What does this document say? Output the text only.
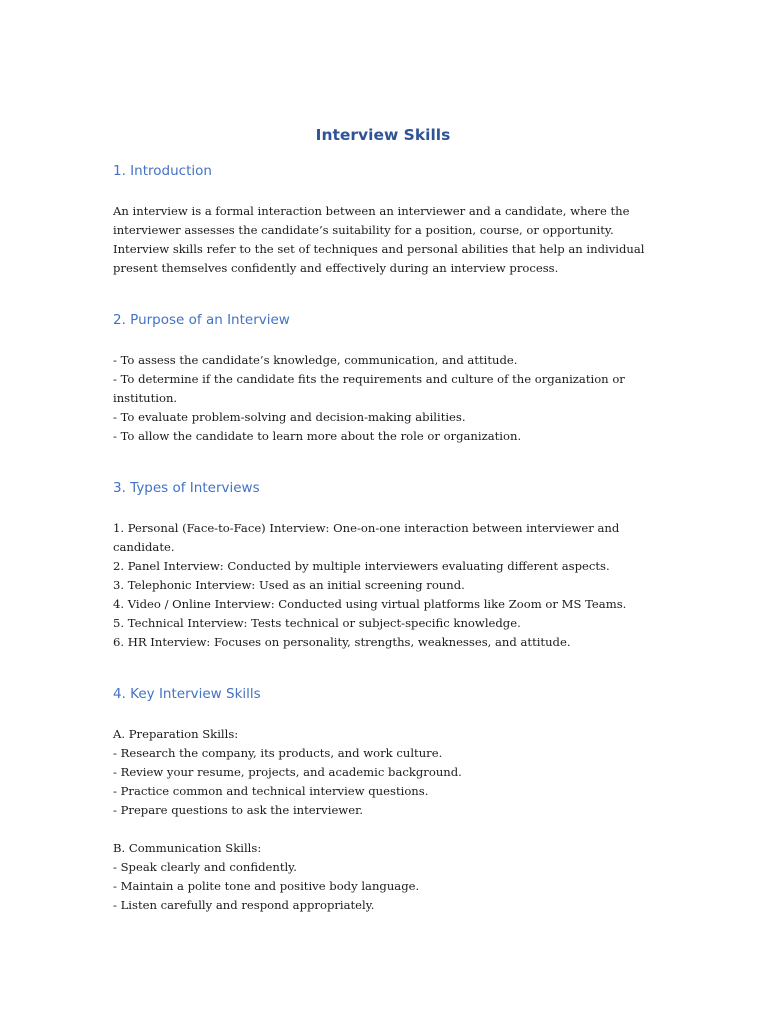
Interview Skills
1. Introduction

An interview is a formal interaction between an interviewer and a candidate, where the interviewer assesses the candidate’s suitability for a position, course, or opportunity. Interview skills refer to the set of techniques and personal abilities that help an individual present themselves confidently and effectively during an interview process.

2. Purpose of an Interview
- To assess the candidate’s knowledge, communication, and attitude.
- To determine if the candidate fits the requirements and culture of the organization or institution.
- To evaluate problem-solving and decision-making abilities.
- To allow the candidate to learn more about the role or organization.
3. Types of Interviews
1. Personal (Face-to-Face) Interview: One-on-one interaction between interviewer and candidate.
2. Panel Interview: Conducted by multiple interviewers evaluating different aspects.
3. Telephonic Interview: Used as an initial screening round.
4. Video / Online Interview: Conducted using virtual platforms like Zoom or MS Teams.
5. Technical Interview: Tests technical or subject-specific knowledge.
6. HR Interview: Focuses on personality, strengths, weaknesses, and attitude.
4. Key Interview Skills
A. Preparation Skills:
- Research the company, its products, and work culture.
- Review your resume, projects, and academic background.
- Practice common and technical interview questions.
- Prepare questions to ask the interviewer.
B. Communication Skills:
- Speak clearly and confidently.
- Maintain a polite tone and positive body language.
- Listen carefully and respond appropriately.
